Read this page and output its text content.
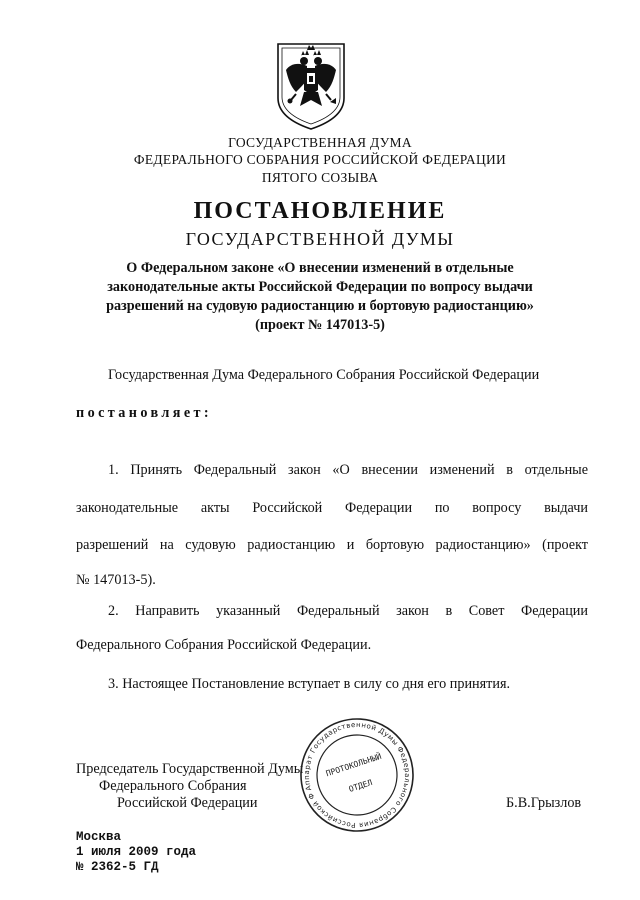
ГОСУДАРСТВЕННАЯ ДУМА
ФЕДЕРАЛЬНОГО СОБРАНИЯ РОССИЙСКОЙ ФЕДЕРАЦИИ
ПЯТОГО СОЗЫВА
ПОСТАНОВЛЕНИЕ
ГОСУДАРСТВЕННОЙ ДУМЫ
О Федеральном законе «О внесении изменений в отдельные
законодательные акты Российской Федерации по вопросу выдачи
разрешений на судовую радиостанцию и бортовую радиостанцию»
(проект № 147013-5)
Государственная Дума Федерального Собрания Российской Федерации
постановляет:
1. Принять Федеральный закон «О внесении изменений в отдельные
законодательные акты Российской Федерации по вопросу выдачи
разрешений на судовую радиостанцию и бортовую радиостанцию» (проект
№ 147013-5).
2. Направить указанный Федеральный закон в Совет Федерации
Федерального Собрания Российской Федерации.
3. Настоящее Постановление вступает в силу со дня его принятия.
Председатель Государственной Думы
Федерального Собрания
Российской Федерации	Б.В.Грызлов
Аппарат Государственной Думы Федерального Собрания Российской Федерации
ПРОТОКОЛЬНЫЙ
ОТДЕЛ
Москва
1 июля 2009 года
№ 2362-5 ГД
